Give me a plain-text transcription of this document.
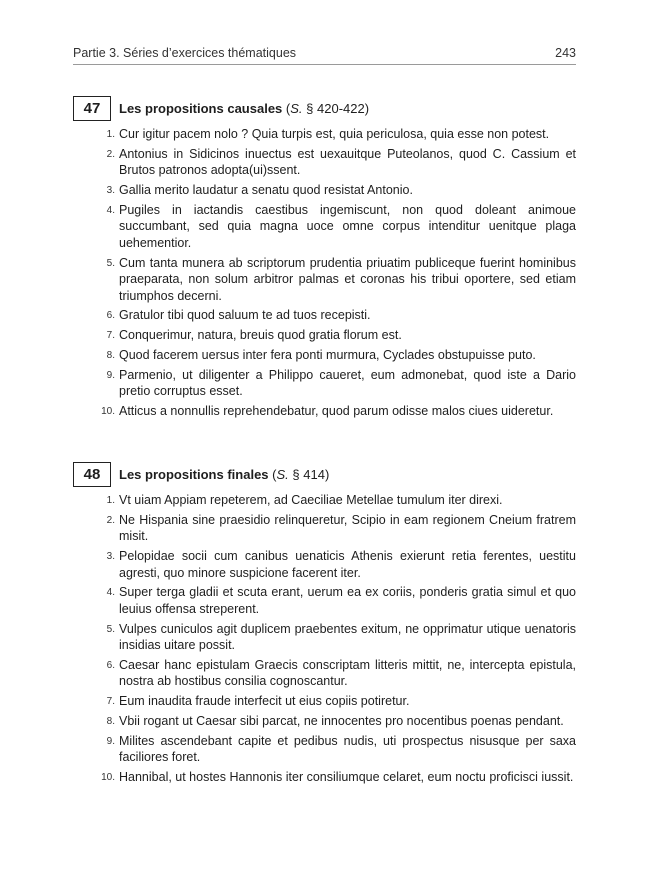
Partie 3. Séries d’exercices thématiques	243
47	Les propositions causales (S. § 420-422)
1. Cur igitur pacem nolo ? Quia turpis est, quia periculosa, quia esse non potest.
2. Antonius in Sidicinos inuectus est uexauitque Puteolanos, quod C. Cassium et Brutos patronos adopta(ui)ssent.
3. Gallia merito laudatur a senatu quod resistat Antonio.
4. Pugiles in iactandis caestibus ingemiscunt, non quod doleant animoue succumbant, sed quia magna uoce omne corpus intenditur uenitque plaga uehementior.
5. Cum tanta munera ab scriptorum prudentia priuatim publiceque fuerint hominibus praeparata, non solum arbitror palmas et coronas his tribui oportere, sed etiam triumphos decerni.
6. Gratulor tibi quod saluum te ad tuos recepisti.
7. Conquerimur, natura, breuis quod gratia florum est.
8. Quod facerem uersus inter fera ponti murmura, Cyclades obstupuisse puto.
9. Parmenio, ut diligenter a Philippo caueret, eum admonebat, quod iste a Dario pretio corruptus esset.
10. Atticus a nonnullis reprehendebatur, quod parum odisse malos ciues uideretur.
48	Les propositions finales (S. § 414)
1. Vt uiam Appiam repeterem, ad Caeciliae Metellae tumulum iter direxi.
2. Ne Hispania sine praesidio relinqueretur, Scipio in eam regionem Cneium fratrem misit.
3. Pelopidae socii cum canibus uenaticis Athenis exierunt retia ferentes, uestitu agresti, quo minore suspicione facerent iter.
4. Super terga gladii et scuta erant, uerum ea ex coriis, ponderis gratia simul et quo leuius offensa streperent.
5. Vulpes cuniculos agit duplicem praebentes exitum, ne opprimatur utique uenatoris insidias uitare possit.
6. Caesar hanc epistulam Graecis conscriptam litteris mittit, ne, intercepta epistula, nostra ab hostibus consilia cognoscantur.
7. Eum inaudita fraude interfecit ut eius copiis potiretur.
8. Vbii rogant ut Caesar sibi parcat, ne innocentes pro nocentibus poenas pendant.
9. Milites ascendebant capite et pedibus nudis, uti prospectus nisusque per saxa faciliores foret.
10. Hannibal, ut hostes Hannonis iter consiliumque celaret, eum noctu proficisci iussit.
